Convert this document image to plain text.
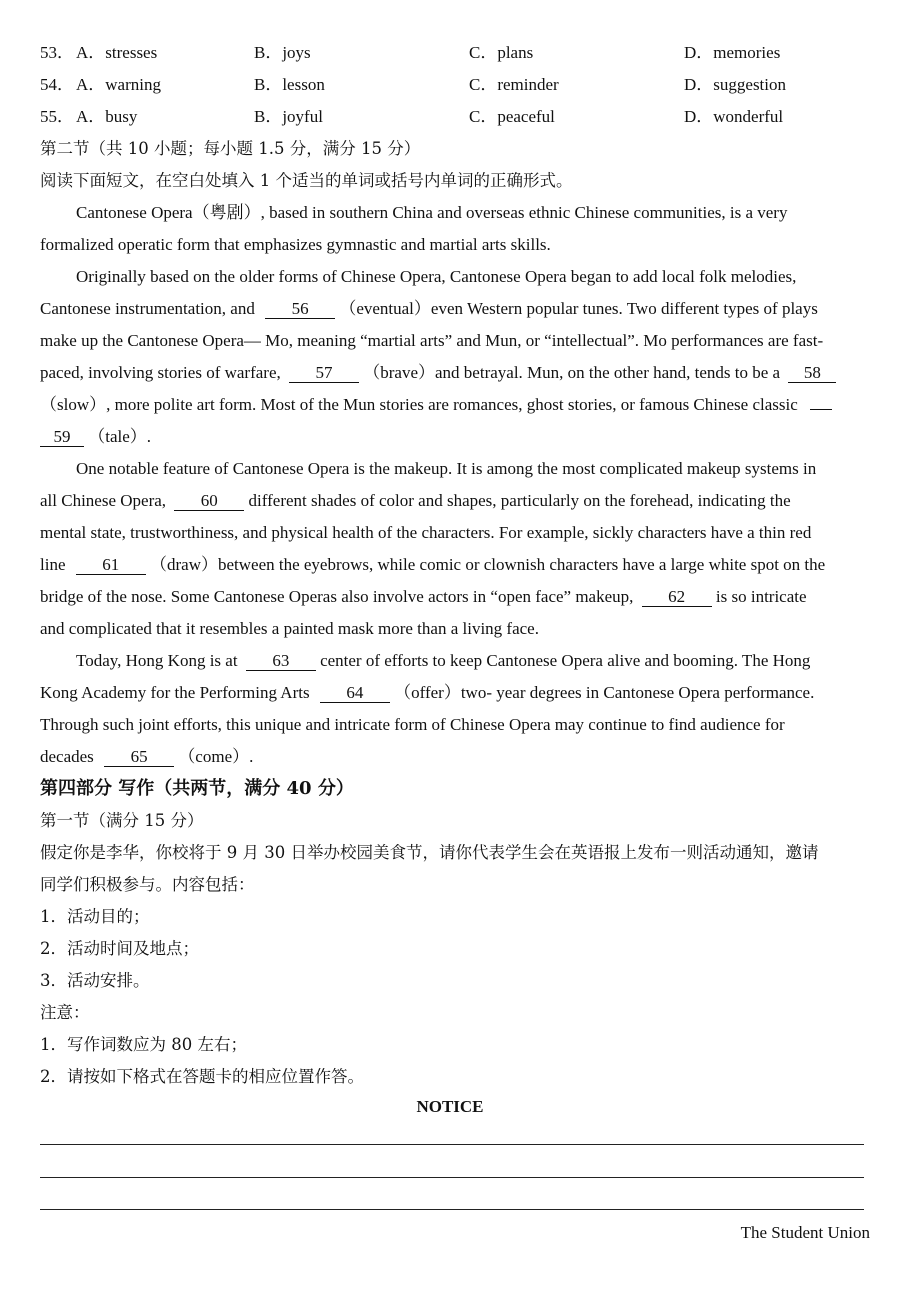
53． A．stresses	B．joys	C．plans	D．memories
54． A．warning	B．lesson	C．reminder	D．suggestion
55． A．busy	B．joyful	C．peaceful	D．wonderful
第二节（共 10 小题；每小题 1.5 分，满分 15 分）
阅读下面短文，在空白处填入 1 个适当的单词或括号内单词的正确形式。
Cantonese Opera（粤剧）, based in southern China and overseas ethnic Chinese communities, is a very
formalized operatic form that emphasizes gymnastic and martial arts skills.
Originally based on the older forms of Chinese Opera, Cantonese Opera began to add local folk melodies,
Cantonese instrumentation, and 56 （eventual）even Western popular tunes. Two different types of plays
make up the Cantonese Opera— Mo, meaning “martial arts” and Mun, or “intellectual”. Mo performances are fast-
paced, involving stories of warfare, 57 （brave）and betrayal. Mun, on the other hand, tends to be a 58
（slow）, more polite art form. Most of the Mun stories are romances, ghost stories, or famous Chinese classic
59 （tale）.
One notable feature of Cantonese Opera is the makeup. It is among the most complicated makeup systems in
all Chinese Opera, 60 different shades of color and shapes, particularly on the forehead, indicating the
mental state, trustworthiness, and physical health of the characters. For example, sickly characters have a thin red
line 61 （draw）between the eyebrows, while comic or clownish characters have a large white spot on the
bridge of the nose. Some Cantonese Operas also involve actors in “open face” makeup, 62 is so intricate
and complicated that it resembles a painted mask more than a living face.
Today, Hong Kong is at 63 center of efforts to keep Cantonese Opera alive and booming. The Hong
Kong Academy for the Performing Arts 64 （offer）two- year degrees in Cantonese Opera performance.
Through such joint efforts, this unique and intricate form of Chinese Opera may continue to find audience for
decades 65 （come）.
第四部分 写作（共两节，满分 40 分）
第一节（满分 15 分）
假定你是李华，你校将于 9 月 30 日举办校园美食节，请你代表学生会在英语报上发布一则活动通知，邀请
同学们积极参与。内容包括：
1．活动目的；
2．活动时间及地点；
3．活动安排。
注意：
1．写作词数应为 80 左右；
2．请按如下格式在答题卡的相应位置作答。
NOTICE
The Student Union
